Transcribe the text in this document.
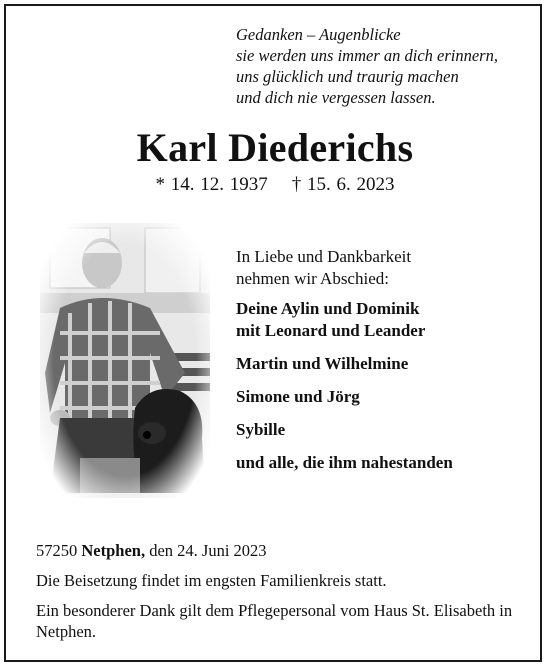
Gedanken – Augenblicke
sie werden uns immer an dich erinnern,
uns glücklich und traurig machen
und dich nie vergessen lassen.
Karl Diederichs
* 14. 12. 1937 † 15. 6. 2023
In Liebe und Dankbarkeit
nehmen wir Abschied:
Deine Aylin und Dominik
mit Leonard und Leander
Martin und Wilhelmine
Simone und Jörg
Sybille
und alle, die ihm nahestanden
57250 Netphen, den 24. Juni 2023
Die Beisetzung findet im engsten Familienkreis statt.
Ein besonderer Dank gilt dem Pflegepersonal vom Haus St. Elisabeth in Netphen.
